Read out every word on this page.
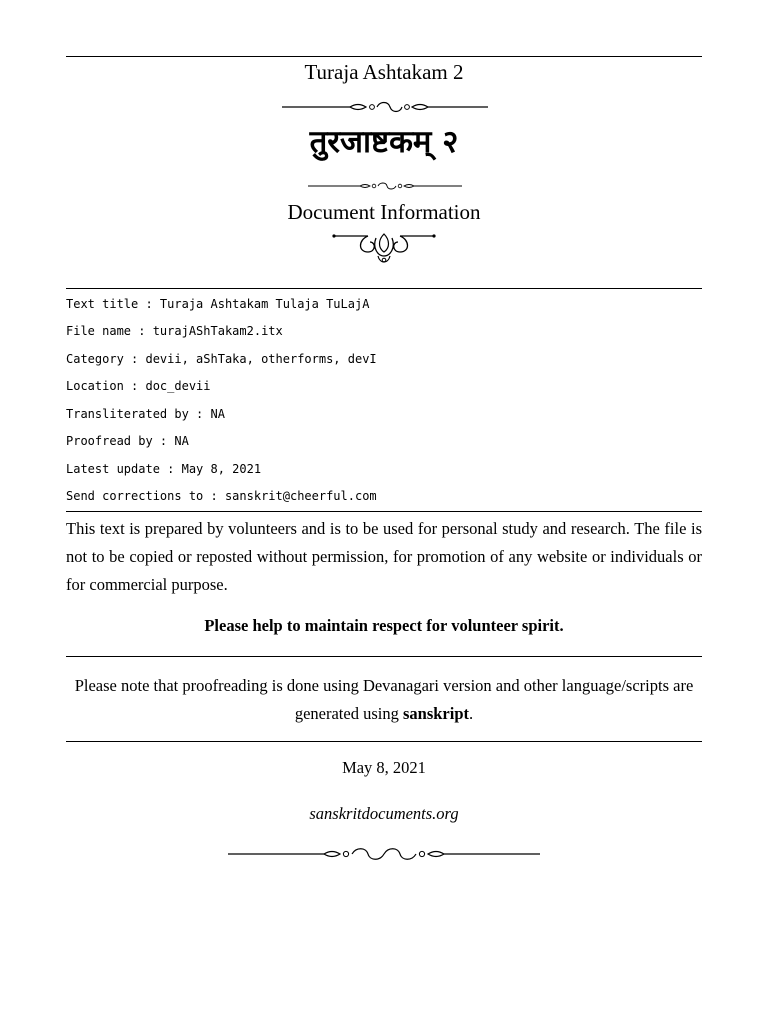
Turaja Ashtakam 2
तुरजाष्टकम् २
Document Information
Text title : Turaja Ashtakam Tulaja TuLajA
File name : turajAShTakam2.itx
Category : devii, aShTaka, otherforms, devI
Location : doc_devii
Transliterated by : NA
Proofread by : NA
Latest update : May 8, 2021
Send corrections to : sanskrit@cheerful.com
This text is prepared by volunteers and is to be used for personal study and research. The file is not to be copied or reposted without permission, for promotion of any website or individuals or for commercial purpose.
Please help to maintain respect for volunteer spirit.
Please note that proofreading is done using Devanagari version and other language/scripts are generated using sanskript.
May 8, 2021
sanskritdocuments.org
